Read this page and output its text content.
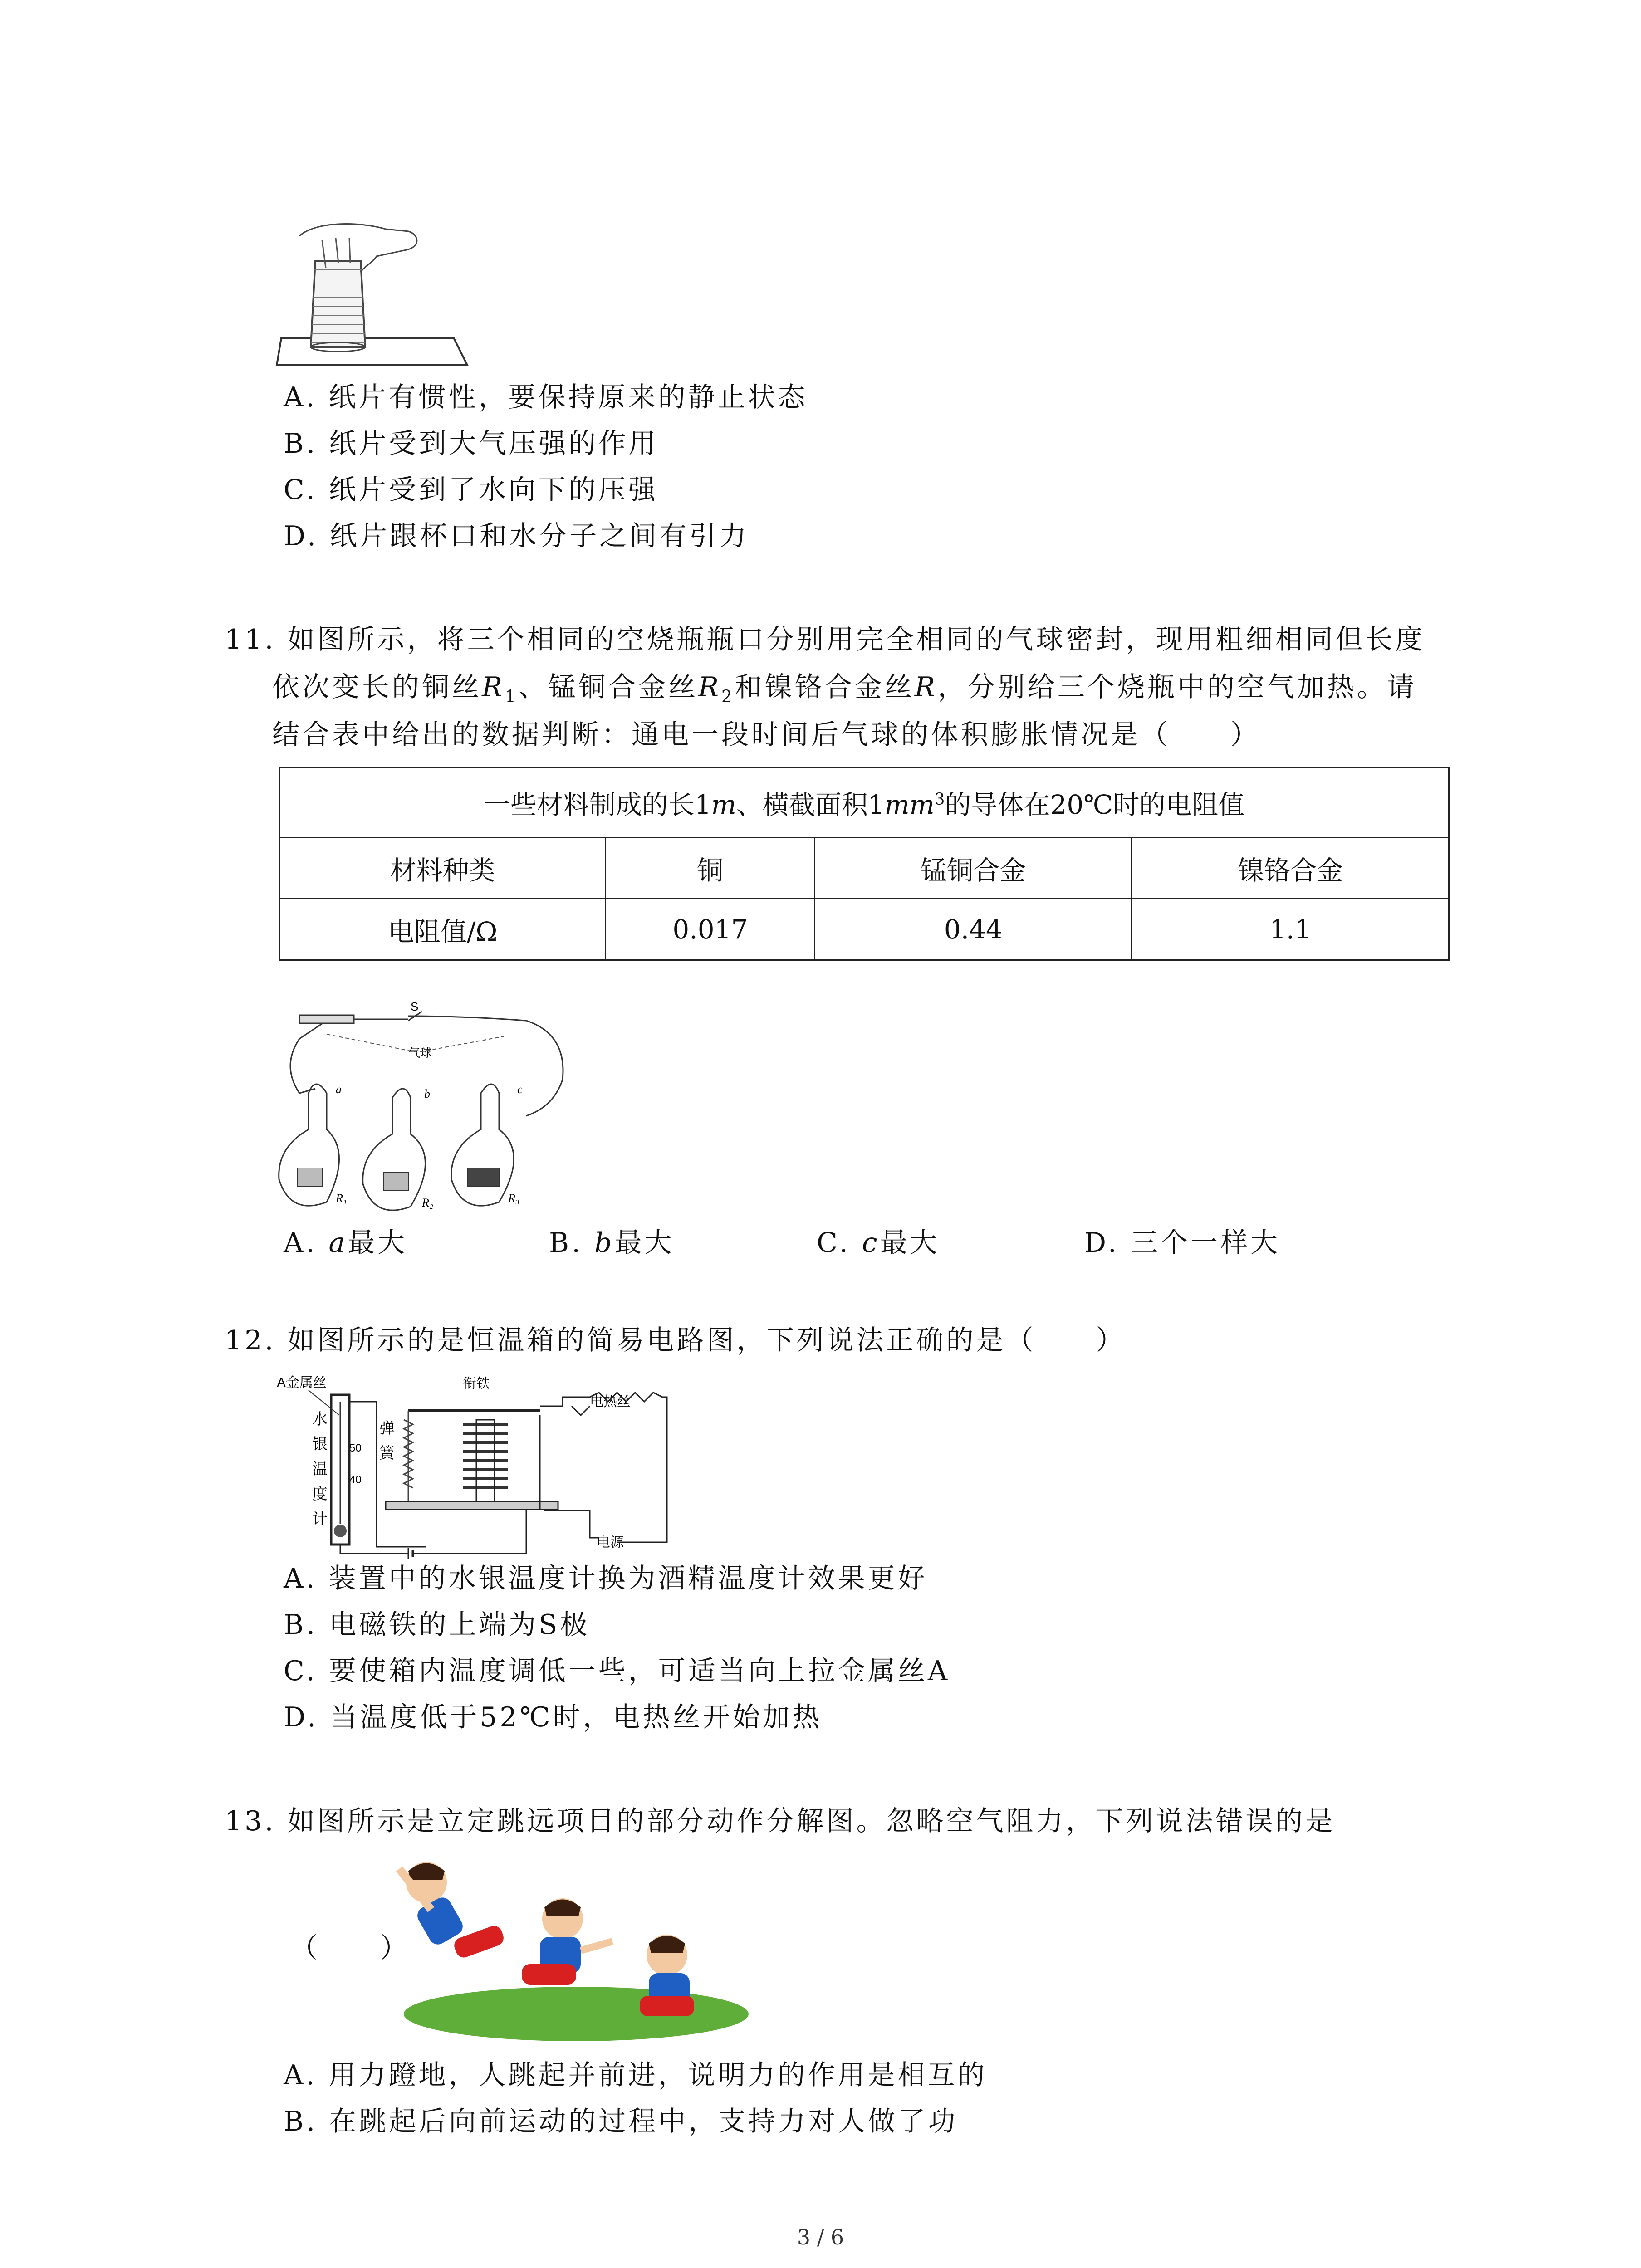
A. 纸片有惯性，要保持原来的静止状态
B. 纸片受到大气压强的作用
C. 纸片受到了水向下的压强
D. 纸片跟杯口和水分子之间有引力
11. 如图所示，将三个相同的空烧瓶瓶口分别用完全相同的气球密封，现用粗细相同但长度
依次变长的铜丝$R_1$、锰铜合金丝$R_2$和镍铬合金丝R，分别给三个烧瓶中的空气加热。请
结合表中给出的数据判断：通电一段时间后气球的体积膨胀情况是（　　）
一些材料制成的长1m、横截面积$1mm^3$的导体在20℃时的电阻值			
材料种类	铜	锰铜合金	镍铬合金
电阻值/Ω	0.017	0.44	1.1
S
气球
a	b	c
R₁	R₂	R₃
A. a最大	B. b最大	C. c最大	D. 三个一样大
12. 如图所示的是恒温箱的简易电路图，下列说法正确的是（　　）
A金属丝	衔铁
电热丝
电源
50
40
水
银
温
度
计
弹
簧
A. 装置中的水银温度计换为酒精温度计效果更好
B. 电磁铁的上端为S极
C. 要使箱内温度调低一些，可适当向上拉金属丝A
D. 当温度低于52℃时，电热丝开始加热
13. 如图所示是立定跳远项目的部分动作分解图。忽略空气阻力，下列说法错误的是
（　　）
A. 用力蹬地，人跳起并前进，说明力的作用是相互的
B. 在跳起后向前运动的过程中，支持力对人做了功
3 / 6
